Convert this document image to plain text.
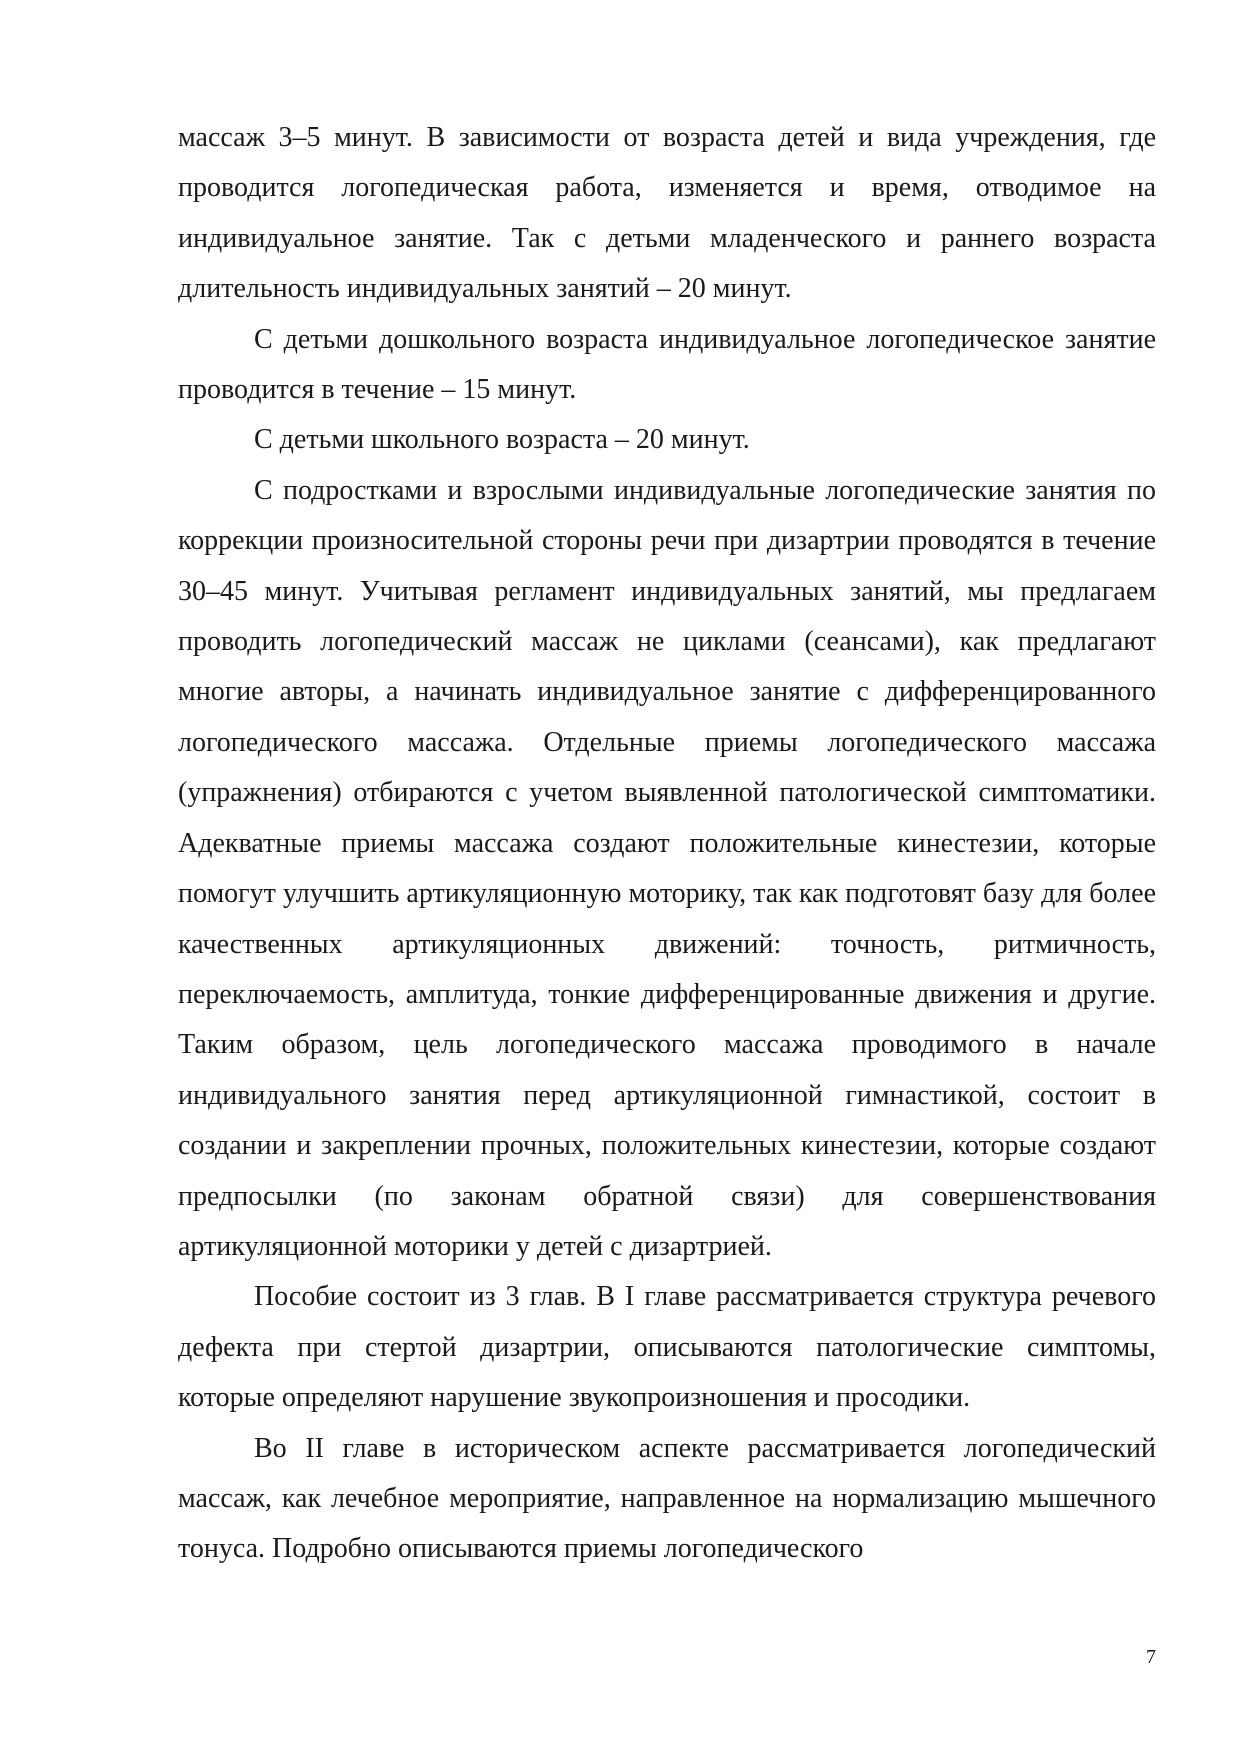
массаж 3–5 минут. В зависимости от возраста детей и вида учреждения, где проводится логопедическая работа, изменяется и время, отводимое на индивидуальное занятие. Так с детьми младенческого и раннего возраста длительность индивидуальных занятий – 20 минут.

С детьми дошкольного возраста индивидуальное логопедическое занятие проводится в течение – 15 минут.

С детьми школьного возраста – 20 минут.

С подростками и взрослыми индивидуальные логопедические занятия по коррекции произносительной стороны речи при дизартрии проводятся в течение 30–45 минут. Учитывая регламент индивидуальных занятий, мы предлагаем проводить логопедический массаж не циклами (сеансами), как предлагают многие авторы, а начинать индивидуальное занятие с дифференцированного логопедического массажа. Отдельные приемы логопедического массажа (упражнения) отбираются с учетом выявленной патологической симптоматики. Адекватные приемы массажа создают положительные кинестезии, которые помогут улучшить артикуляционную моторику, так как подготовят базу для более качественных артикуляционных движений: точность, ритмичность, переключаемость, амплитуда, тонкие дифференцированные движения и другие. Таким образом, цель логопедического массажа проводимого в начале индивидуального занятия перед артикуляционной гимнастикой, состоит в создании и закреплении прочных, положительных кинестезии, которые создают предпосылки (по законам обратной связи) для совершенствования артикуляционной моторики у детей с дизартрией.

Пособие состоит из 3 глав. В I главе рассматривается структура речевого дефекта при стертой дизартрии, описываются патологические симптомы, которые определяют нарушение звукопроизношения и просодики.

Во II главе в историческом аспекте рассматривается логопедический массаж, как лечебное мероприятие, направленное на нормализацию мышечного тонуса. Подробно описываются приемы логопедического

7
